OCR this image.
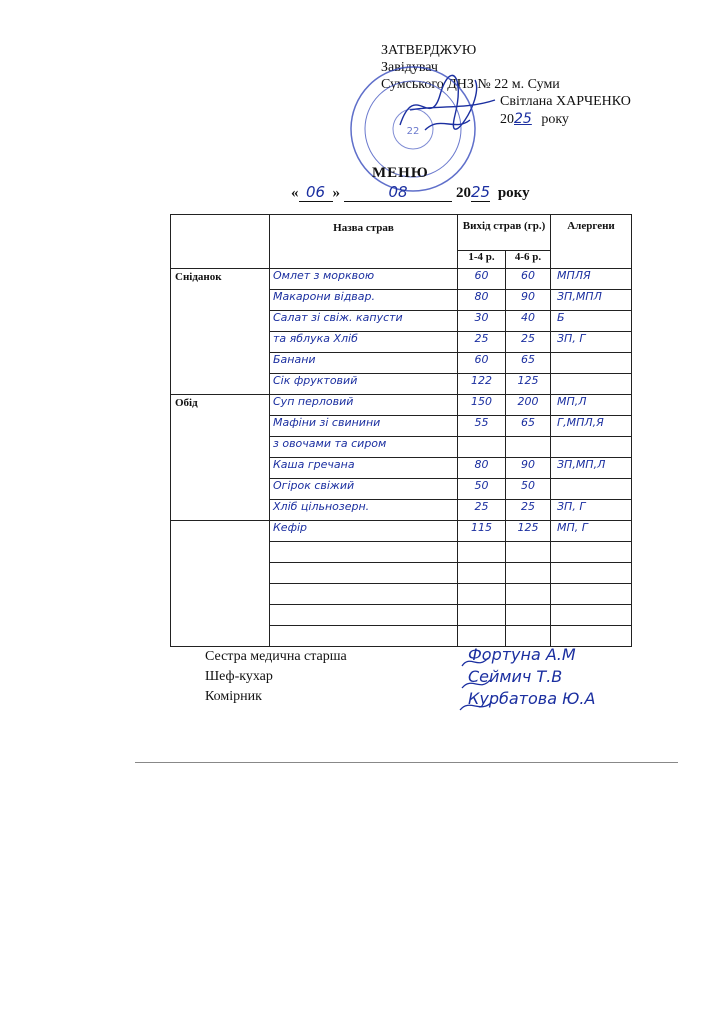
ЗАТВЕРДЖУЮ
Завідувач
Сумського ДНЗ № 22 м. Суми
Світлана ХАРЧЕНКО
2025 року
22
МЕНЮ
« 06 »	08	2025 року
	Назва страв	Вихід страв (гр.)		Алергени
		1-4 р.	4-6 р.	
Сніданок	Омлет з морквою	60	60	МПЛЯ
	Макарони відвар.	80	90	ЗП,МПЛ
	Салат зі свіж. капусти	30	40	Б
	та яблука Хліб	25	25	ЗП, Г
	Банани	60	65	
	Сік фруктовий	122	125	
Обід	Суп перловий	150	200	МП,Л
	Мафіни зі свинини	55	65	Г,МПЛ,Я
	з овочами та сиром			
	Каша гречана	80	90	ЗП,МП,Л
	Огірок свіжий	50	50	
	Хліб цільнозерн.	25	25	ЗП, Г
	Кефір	115	125	МП, Г

Сестра медична старша
Шеф-кухар
Комірник
Фортуна А.М
Сеймич Т.В
Курбатова Ю.А
